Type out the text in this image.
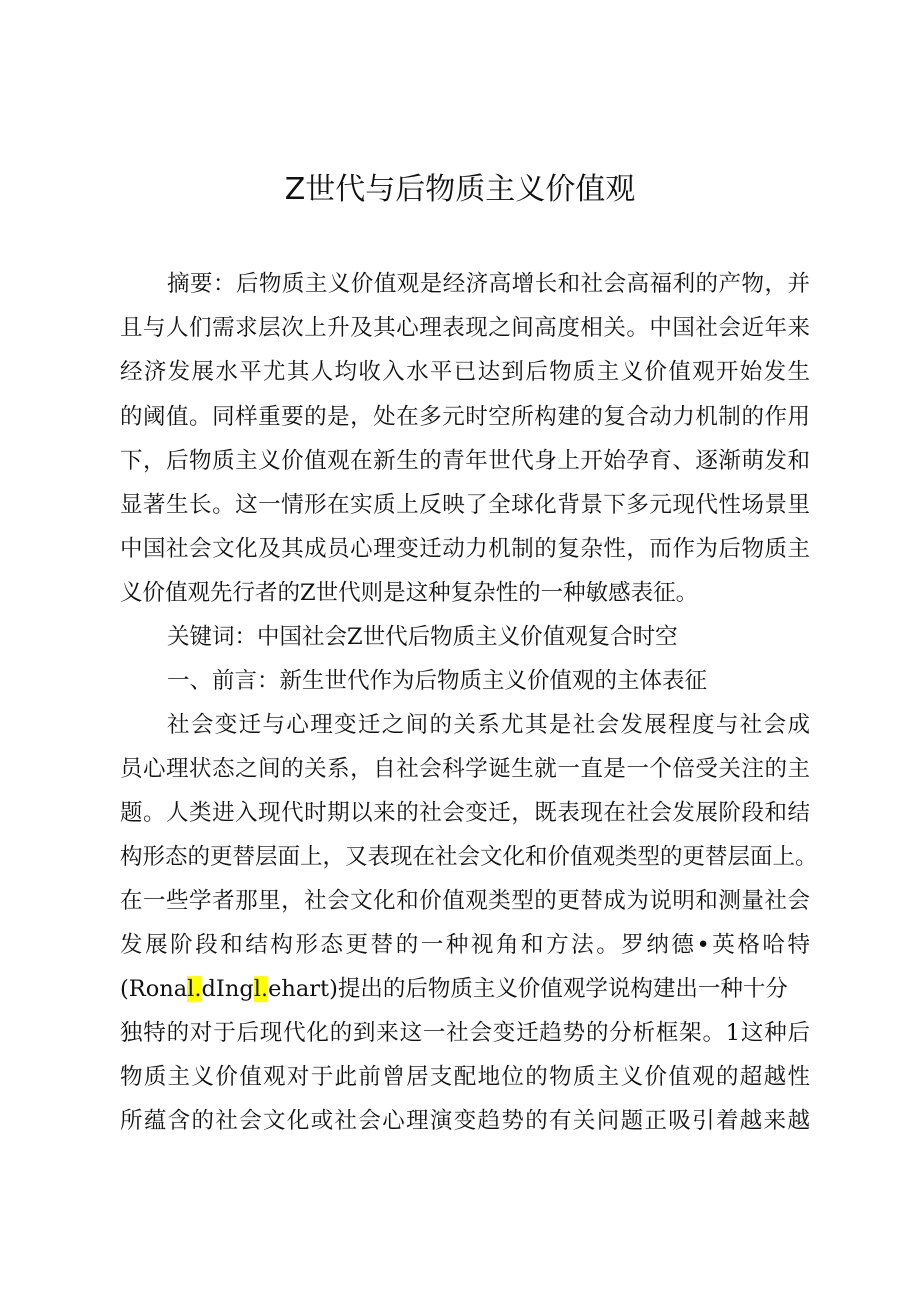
Z世代与后物质主义价值观
摘要：后物质主义价值观是经济高增长和社会高福利的产物，并
且与人们需求层次上升及其心理表现之间高度相关。中国社会近年来
经济发展水平尤其人均收入水平已达到后物质主义价值观开始发生
的阈值。同样重要的是，处在多元时空所构建的复合动力机制的作用
下，后物质主义价值观在新生的青年世代身上开始孕育、逐渐萌发和
显著生长。这一情形在实质上反映了全球化背景下多元现代性场景里
中国社会文化及其成员心理变迁动力机制的复杂性，而作为后物质主
义价值观先行者的Z世代则是这种复杂性的一种敏感表征。
关键词：中国社会Z世代后物质主义价值观复合时空
一、前言：新生世代作为后物质主义价值观的主体表征
社会变迁与心理变迁之间的关系尤其是社会发展程度与社会成
员心理状态之间的关系，自社会科学诞生就一直是一个倍受关注的主
题。人类进入现代时期以来的社会变迁，既表现在社会发展阶段和结
构形态的更替层面上，又表现在社会文化和价值观类型的更替层面上。
在一些学者那里，社会文化和价值观类型的更替成为说明和测量社会
发展阶段和结构形态更替的一种视角和方法。罗纳德•英格哈特
(Ronal.dIngl.ehart)提出的后物质主义价值观学说构建出一种十分
独特的对于后现代化的到来这一社会变迁趋势的分析框架。1这种后
物质主义价值观对于此前曾居支配地位的物质主义价值观的超越性
所蕴含的社会文化或社会心理演变趋势的有关问题正吸引着越来越
